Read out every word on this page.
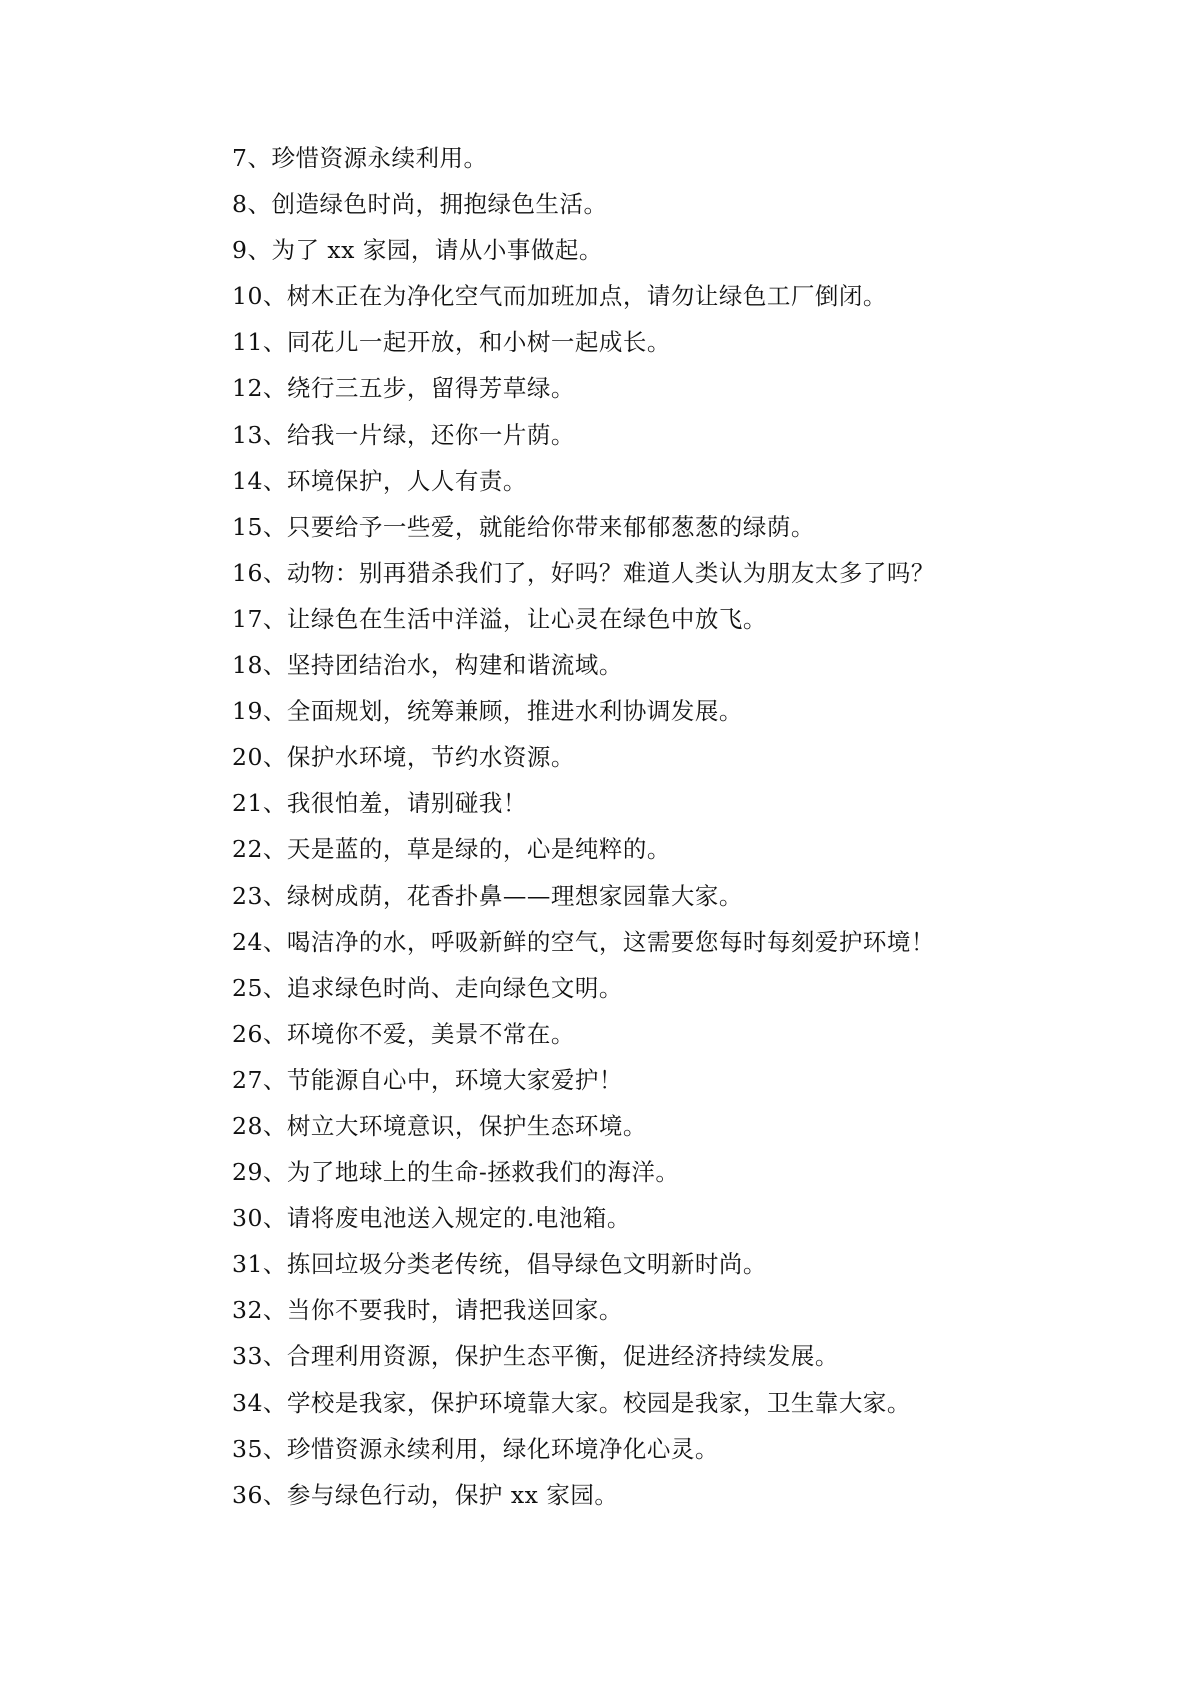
7、珍惜资源永续利用。
8、创造绿色时尚，拥抱绿色生活。
9、为了 xx 家园，请从小事做起。
10、树木正在为净化空气而加班加点，请勿让绿色工厂倒闭。
11、同花儿一起开放，和小树一起成长。
12、绕行三五步，留得芳草绿。
13、给我一片绿，还你一片荫。
14、环境保护，人人有责。
15、只要给予一些爱，就能给你带来郁郁葱葱的绿荫。
16、动物：别再猎杀我们了，好吗？难道人类认为朋友太多了吗？
17、让绿色在生活中洋溢，让心灵在绿色中放飞。
18、坚持团结治水，构建和谐流域。
19、全面规划，统筹兼顾，推进水利协调发展。
20、保护水环境，节约水资源。
21、我很怕羞，请别碰我！
22、天是蓝的，草是绿的，心是纯粹的。
23、绿树成荫，花香扑鼻——理想家园靠大家。
24、喝洁净的水，呼吸新鲜的空气，这需要您每时每刻爱护环境！
25、追求绿色时尚、走向绿色文明。
26、环境你不爱，美景不常在。
27、节能源自心中，环境大家爱护！
28、树立大环境意识，保护生态环境。
29、为了地球上的生命-拯救我们的海洋。
30、请将废电池送入规定的.电池箱。
31、拣回垃圾分类老传统，倡导绿色文明新时尚。
32、当你不要我时，请把我送回家。
33、合理利用资源，保护生态平衡，促进经济持续发展。
34、学校是我家，保护环境靠大家。校园是我家，卫生靠大家。
35、珍惜资源永续利用，绿化环境净化心灵。
36、参与绿色行动，保护 xx 家园。
